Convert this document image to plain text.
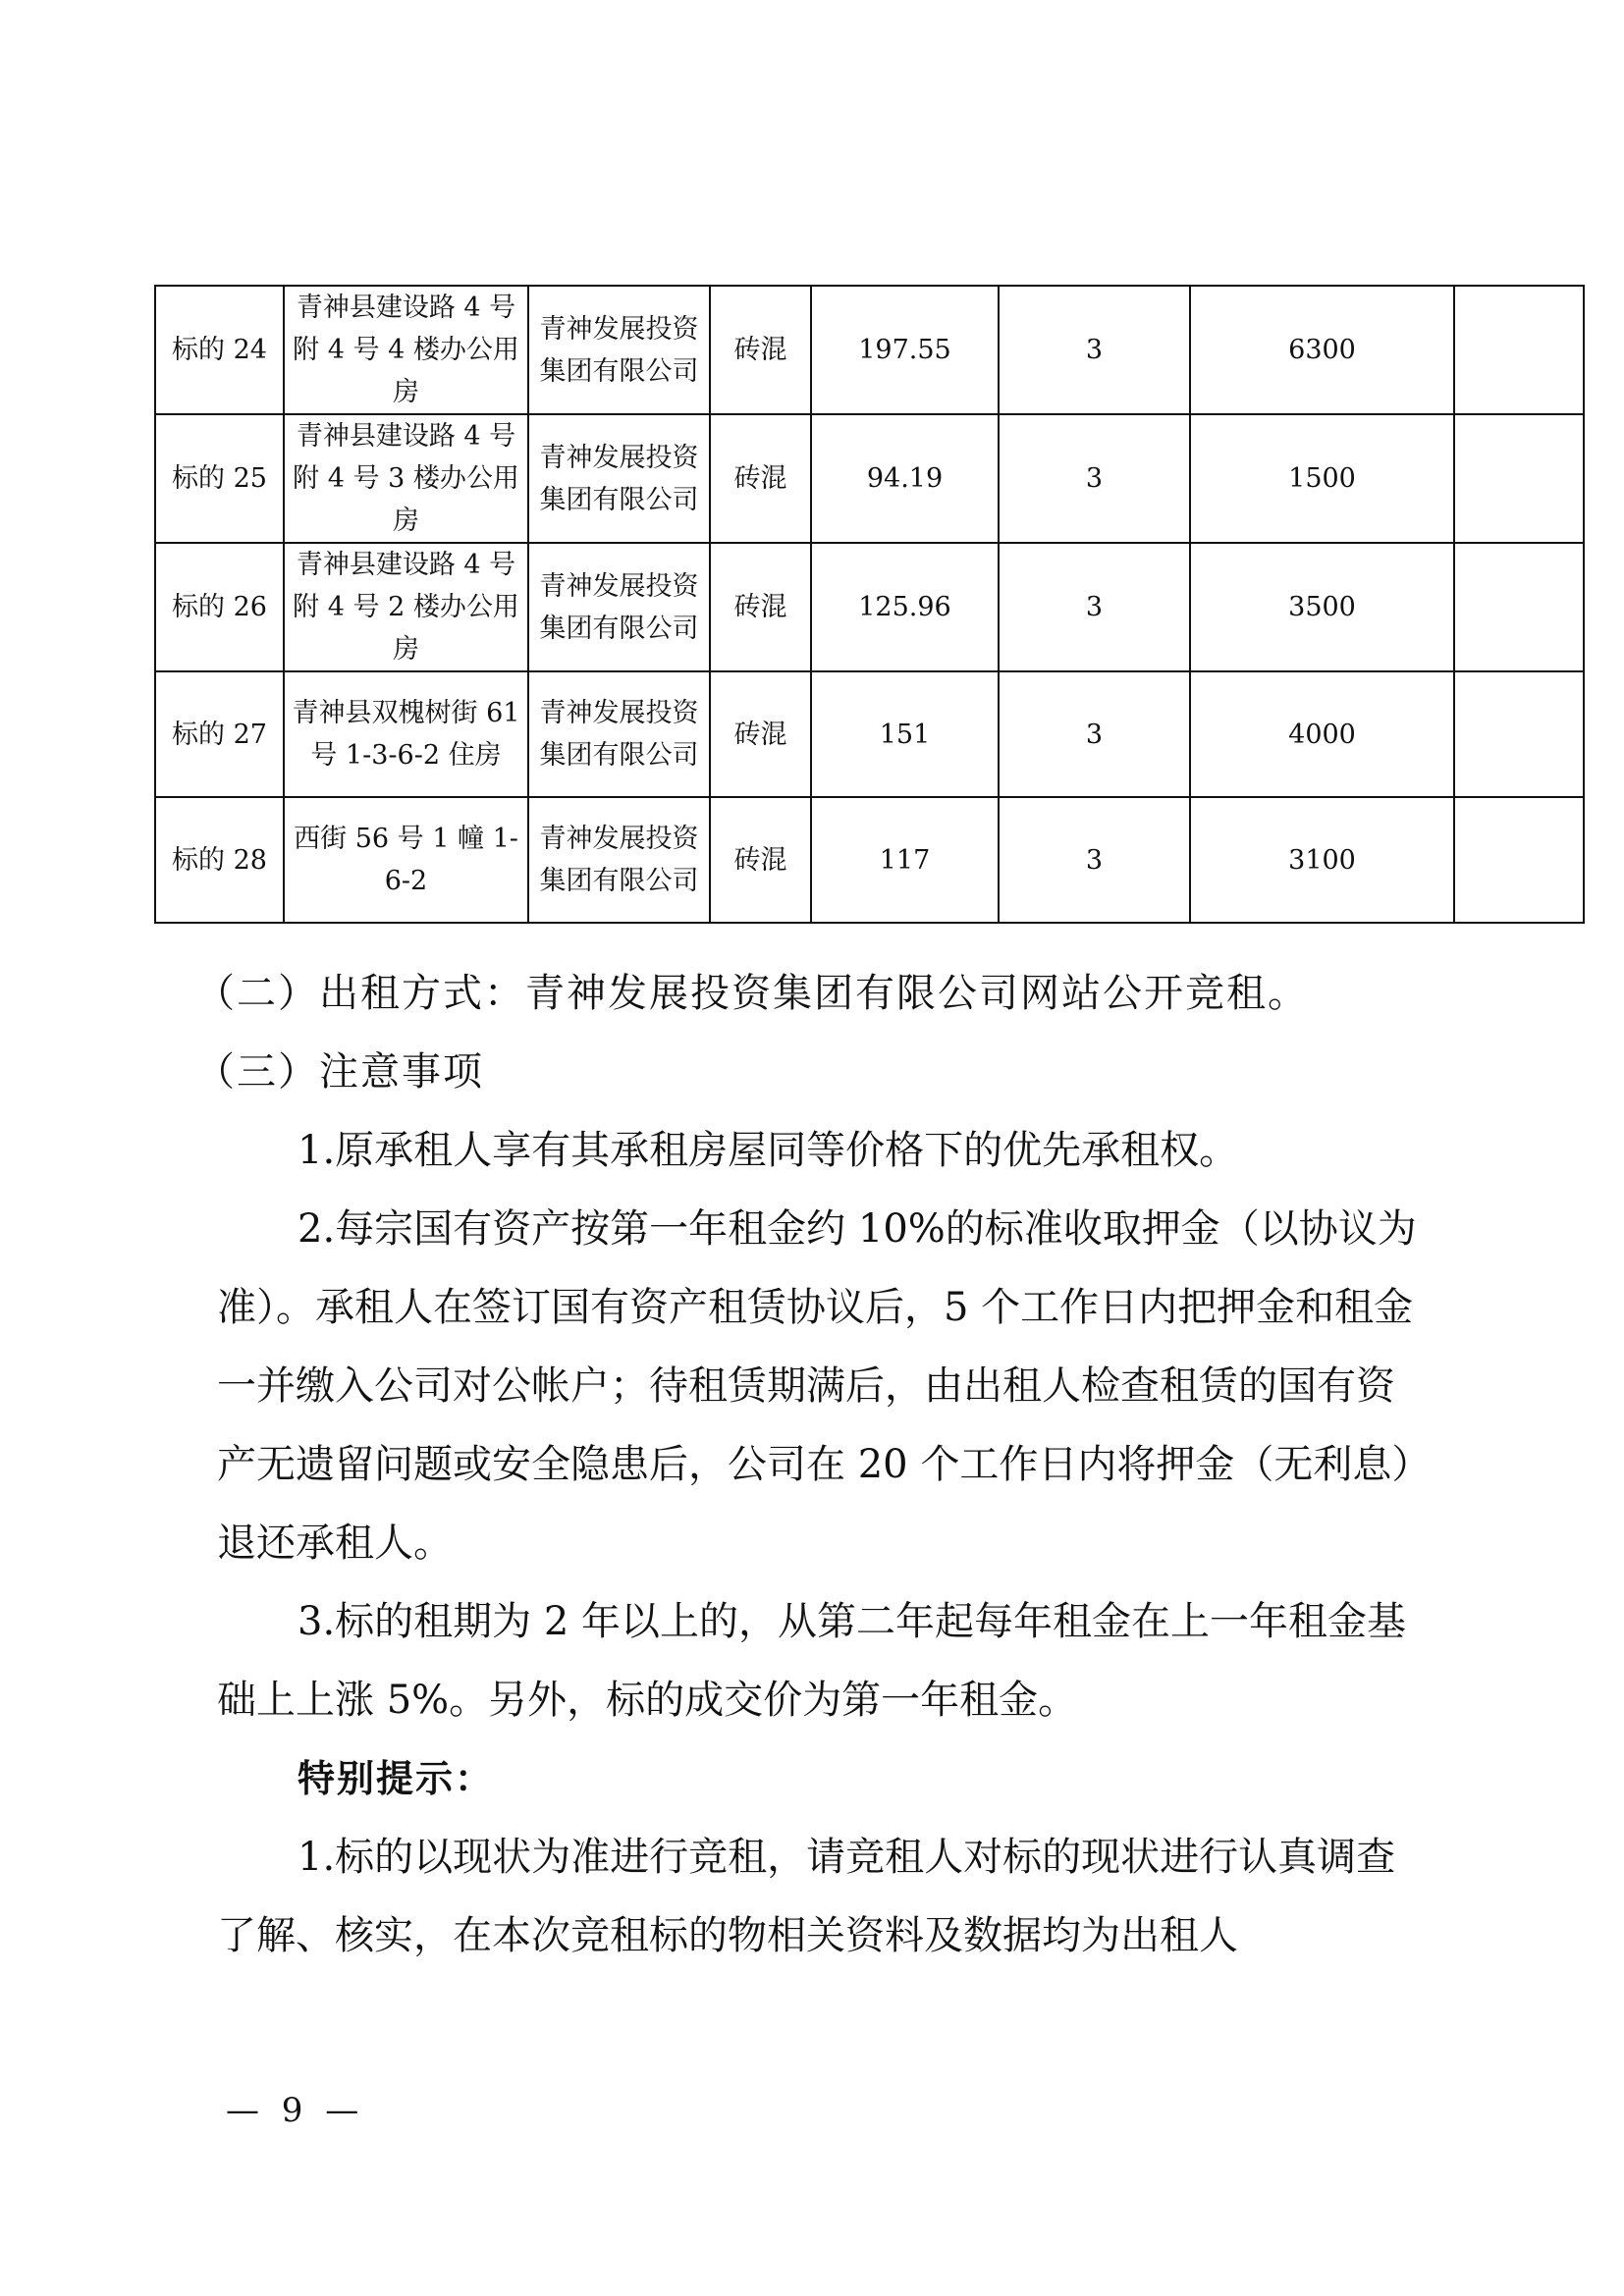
标的 24	青神县建设路 4 号附 4 号 4 楼办公用房	青神发展投资集团有限公司	砖混	197.55	3	6300	
标的 25	青神县建设路 4 号附 4 号 3 楼办公用房	青神发展投资集团有限公司	砖混	94.19	3	1500	
标的 26	青神县建设路 4 号附 4 号 2 楼办公用房	青神发展投资集团有限公司	砖混	125.96	3	3500	
标的 27	青神县双槐树街 61 号 1-3-6-2 住房	青神发展投资集团有限公司	砖混	151	3	4000	
标的 28	西街 56 号 1 幢 1-6-2	青神发展投资集团有限公司	砖混	117	3	3100	

（二）出租方式：青神发展投资集团有限公司网站公开竞租。

（三）注意事项

1.原承租人享有其承租房屋同等价格下的优先承租权。

2.每宗国有资产按第一年租金约 10%的标准收取押金（以协议为准）。承租人在签订国有资产租赁协议后，5 个工作日内把押金和租金一并缴入公司对公帐户；待租赁期满后，由出租人检查租赁的国有资产无遗留问题或安全隐患后，公司在 20 个工作日内将押金（无利息）退还承租人。

3.标的租期为 2 年以上的，从第二年起每年租金在上一年租金基础上上涨 5%。另外，标的成交价为第一年租金。

特别提示：

1.标的以现状为准进行竞租，请竞租人对标的现状进行认真调查了解、核实，在本次竞租标的物相关资料及数据均为出租人

— 9 —
